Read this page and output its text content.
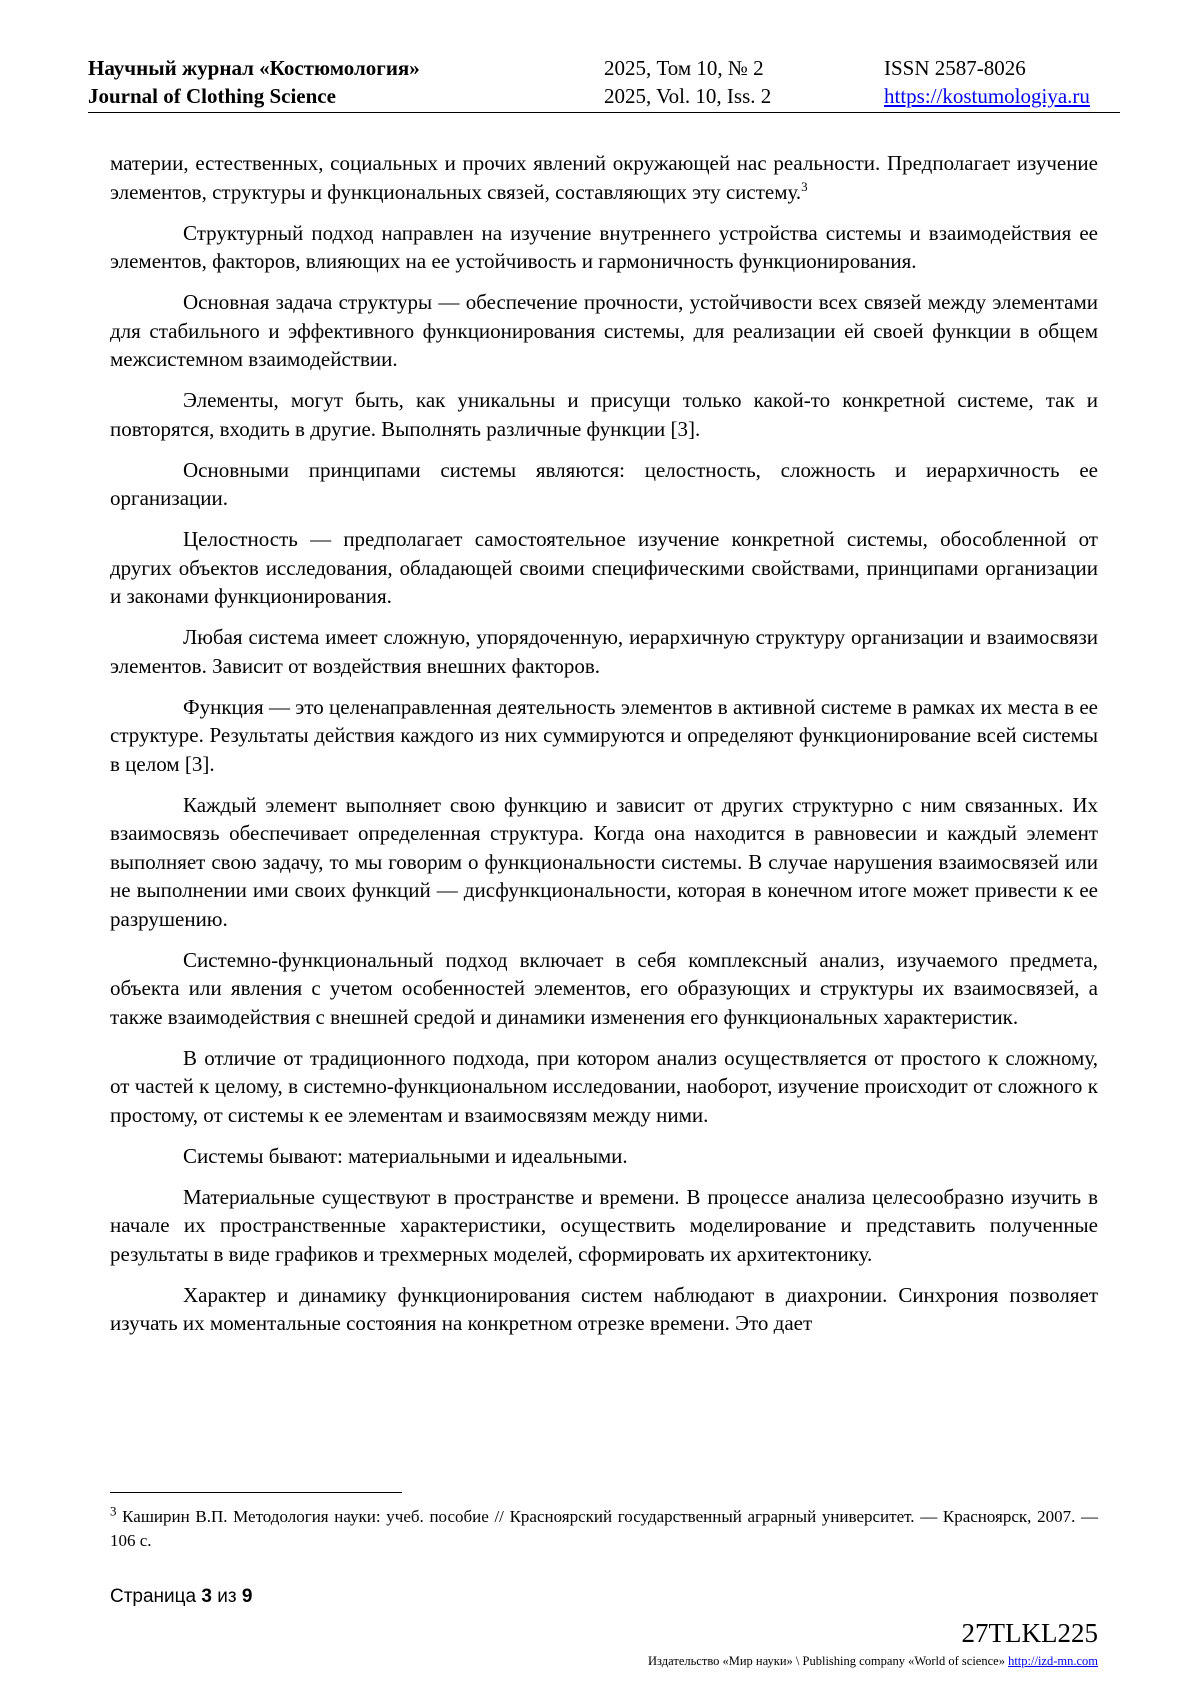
Научный журнал «Костюмология»
Journal of Clothing Science
2025, Том 10, № 2
2025, Vol. 10, Iss. 2
ISSN 2587-8026
https://kostumologiya.ru

материи, естественных, социальных и прочих явлений окружающей нас реальности. Предполагает изучение элементов, структуры и функциональных связей, составляющих эту систему.$^3$

Структурный подход направлен на изучение внутреннего устройства системы и взаимодействия ее элементов, факторов, влияющих на ее устойчивость и гармоничность функционирования.

Основная задача структуры — обеспечение прочности, устойчивости всех связей между элементами для стабильного и эффективного функционирования системы, для реализации ей своей функции в общем межсистемном взаимодействии.

Элементы, могут быть, как уникальны и присущи только какой-то конкретной системе, так и повторятся, входить в другие. Выполнять различные функции [3].

Основными принципами системы являются: целостность, сложность и иерархичность ее организации.

Целостность — предполагает самостоятельное изучение конкретной системы, обособленной от других объектов исследования, обладающей своими специфическими свойствами, принципами организации и законами функционирования.

Любая система имеет сложную, упорядоченную, иерархичную структуру организации и взаимосвязи элементов. Зависит от воздействия внешних факторов.

Функция — это целенаправленная деятельность элементов в активной системе в рамках их места в ее структуре. Результаты действия каждого из них суммируются и определяют функционирование всей системы в целом [3].

Каждый элемент выполняет свою функцию и зависит от других структурно с ним связанных. Их взаимосвязь обеспечивает определенная структура. Когда она находится в равновесии и каждый элемент выполняет свою задачу, то мы говорим о функциональности системы. В случае нарушения взаимосвязей или не выполнении ими своих функций — дисфункциональности, которая в конечном итоге может привести к ее разрушению.

Системно-функциональный подход включает в себя комплексный анализ, изучаемого предмета, объекта или явления с учетом особенностей элементов, его образующих и структуры их взаимосвязей, а также взаимодействия с внешней средой и динамики изменения его функциональных характеристик.

В отличие от традиционного подхода, при котором анализ осуществляется от простого к сложному, от частей к целому, в системно-функциональном исследовании, наоборот, изучение происходит от сложного к простому, от системы к ее элементам и взаимосвязям между ними.

Системы бывают: материальными и идеальными.

Материальные существуют в пространстве и времени. В процессе анализа целесообразно изучить в начале их пространственные характеристики, осуществить моделирование и представить полученные результаты в виде графиков и трехмерных моделей, сформировать их архитектонику.

Характер и динамику функционирования систем наблюдают в диахронии. Синхрония позволяет изучать их моментальные состояния на конкретном отрезке времени. Это дает

$^3$ Каширин В.П. Методология науки: учеб. пособие // Красноярский государственный аграрный университет. — Красноярск, 2007. — 106 с.
Страница 3 из 9
27TLKL225
Издательство «Мир науки» \ Publishing company «World of science» http://izd-mn.com
